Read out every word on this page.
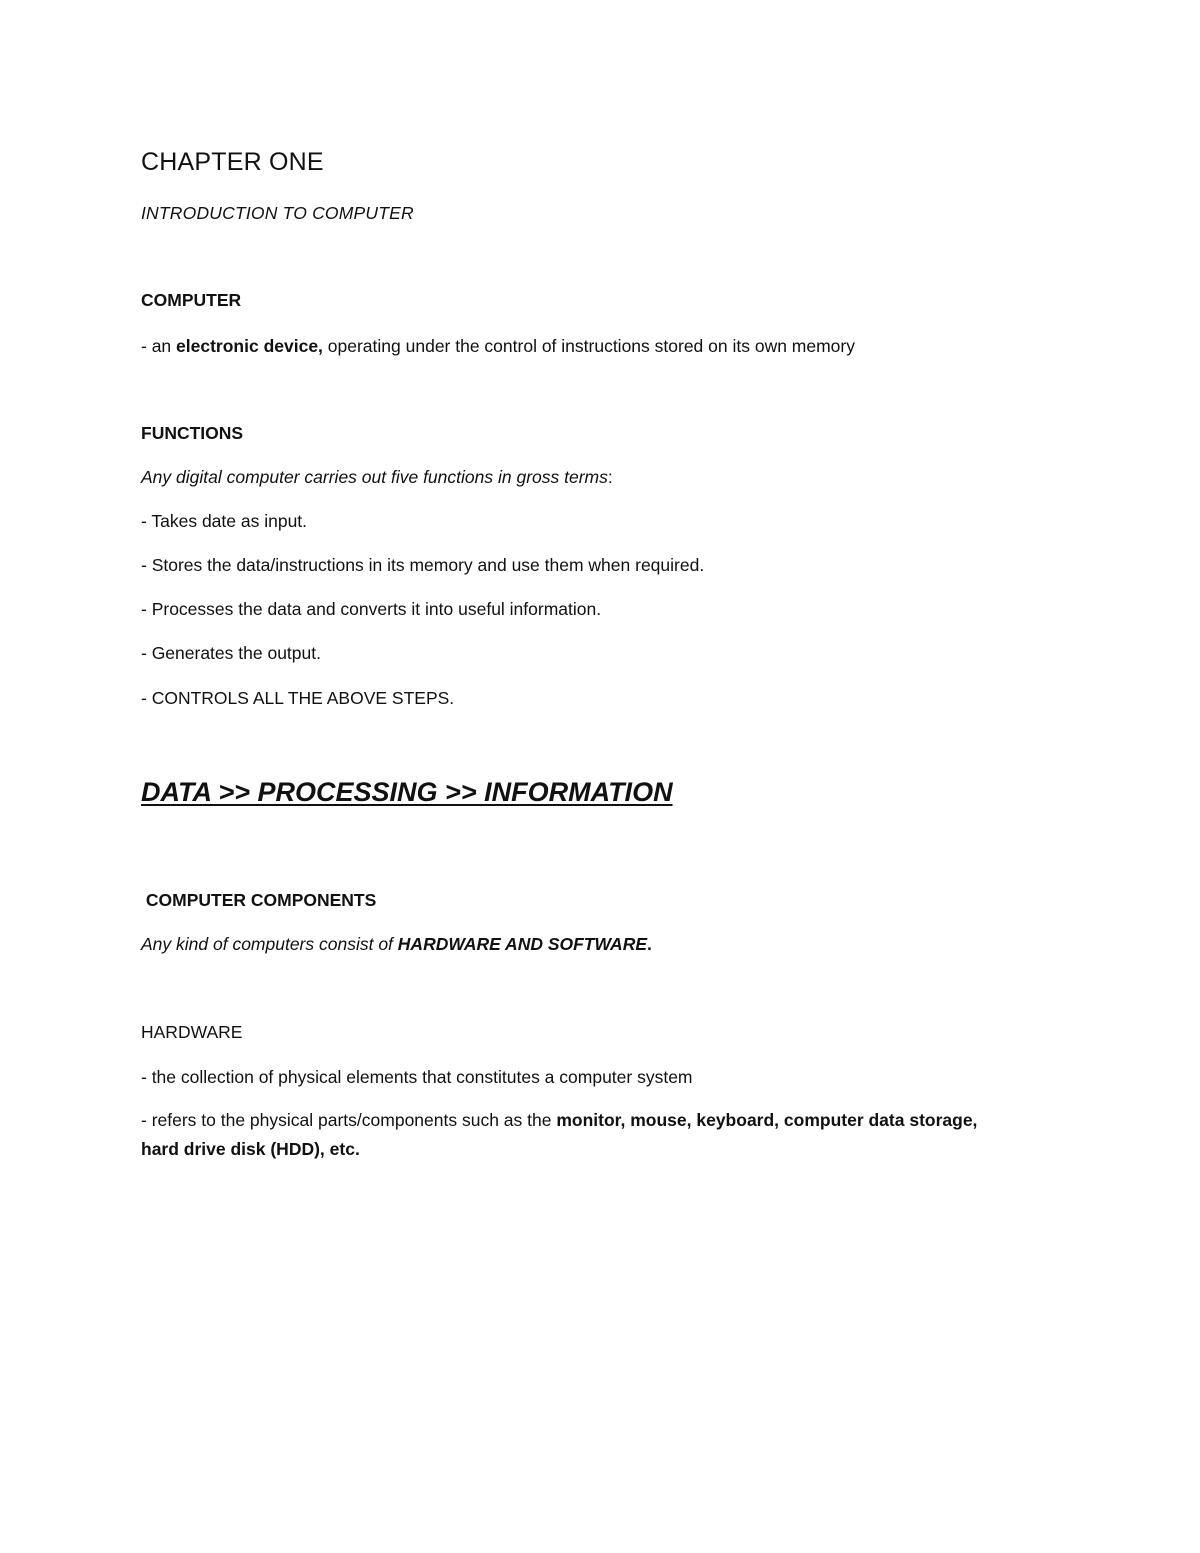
CHAPTER ONE
INTRODUCTION TO COMPUTER
COMPUTER
- an electronic device, operating under the control of instructions stored on its own memory
FUNCTIONS
Any digital computer carries out five functions in gross terms:
- Takes date as input.
- Stores the data/instructions in its memory and use them when required.
- Processes the data and converts it into useful information.
- Generates the output.
- CONTROLS ALL THE ABOVE STEPS.
DATA >> PROCESSING >> INFORMATION
COMPUTER COMPONENTS
Any kind of computers consist of HARDWARE AND SOFTWARE.
HARDWARE
- the collection of physical elements that constitutes a computer system
- refers to the physical parts/components such as the monitor, mouse, keyboard, computer data storage, hard drive disk (HDD), etc.
